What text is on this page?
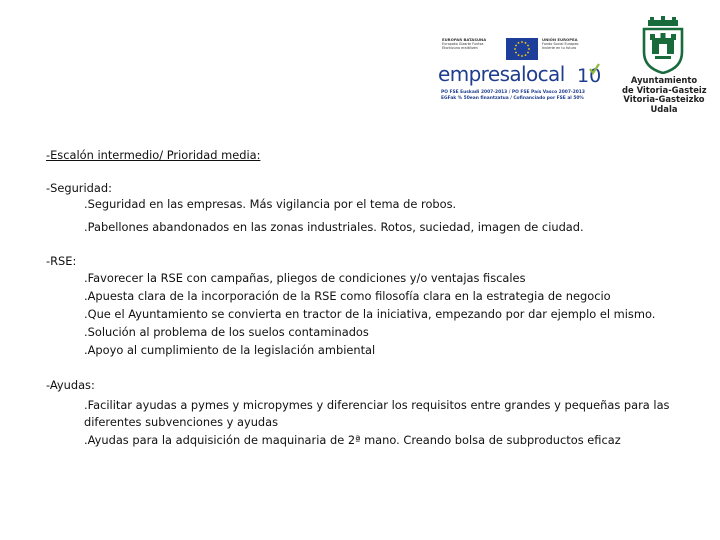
EUROPAR BATASUNA
Europako Gizarte Funtsa
Etorkizuna eraikitzen
UNIÓN EUROPEA
Fondo Social Europeo
Invierte en tu futuro
empresalocal 10
PO FSE Euskadi 2007-2013 / PO FSE País Vasco 2007-2013
EGFak % 50ean finantzatua / Cofinanciado por FSE al 50%
Ayuntamiento
de Vitoria-Gasteiz
Vitoria-Gasteizko
Udala
-Escalón intermedio/ Prioridad media:
-Seguridad:
.Seguridad en las empresas. Más vigilancia por el tema de robos.
.Pabellones abandonados en las zonas industriales. Rotos, suciedad, imagen de ciudad.
-RSE:
.Favorecer la RSE con campañas, pliegos de condiciones y/o ventajas fiscales
.Apuesta clara de la incorporación de la RSE como filosofía clara en la estrategia de negocio
.Que el Ayuntamiento se convierta en tractor de la iniciativa, empezando por dar ejemplo el mismo.
.Solución al problema de los suelos contaminados
.Apoyo al cumplimiento de la legislación ambiental
-Ayudas:
.Facilitar ayudas a pymes y micropymes y diferenciar los requisitos entre grandes y pequeñas para las
diferentes subvenciones y ayudas
.Ayudas para la adquisición de maquinaria de 2ª mano. Creando bolsa de subproductos eficaz
